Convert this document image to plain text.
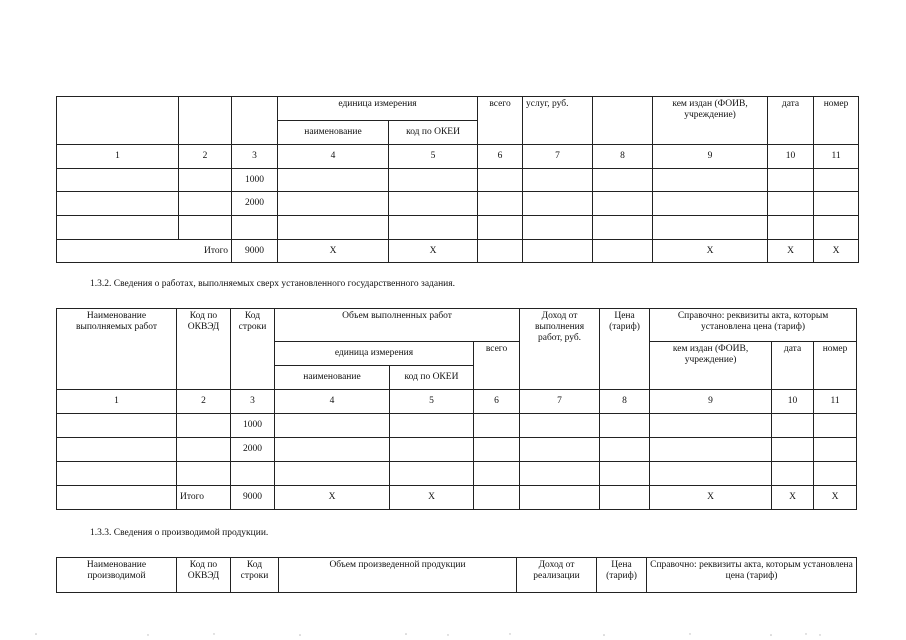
			единица измерения		всего	услуг, руб.		кем издан (ФОИВ, учреждение)	дата	номер
			наименование	код по ОКЕИ						
1	2	3	4	5	6	7	8	9	10	11
		1000								
		2000								

	Итого	9000	X	X				X	X	X
1.3.2. Сведения о работах, выполняемых сверх установленного государственного задания.
Наименование выполняемых работ	Код по ОКВЭД	Код строки	Объем выполненных работ			Доход от выполнения работ, руб.	Цена (тариф)	Справочно: реквизиты акта, которым установлена цена (тариф)		
			единица измерения		всего			кем издан (ФОИВ, учреждение)	дата	номер
			наименование	код по ОКЕИ						
1	2	3	4	5	6	7	8	9	10	11
		1000								
		2000								

	Итого	9000	X	X				X	X	X
1.3.3. Сведения о производимой продукции.
Наименование производимой	Код по ОКВЭД	Код строки	Объем произведенной продукции	Доход от реализации	Цена (тариф)	Справочно: реквизиты акта, которым установлена цена (тариф)
